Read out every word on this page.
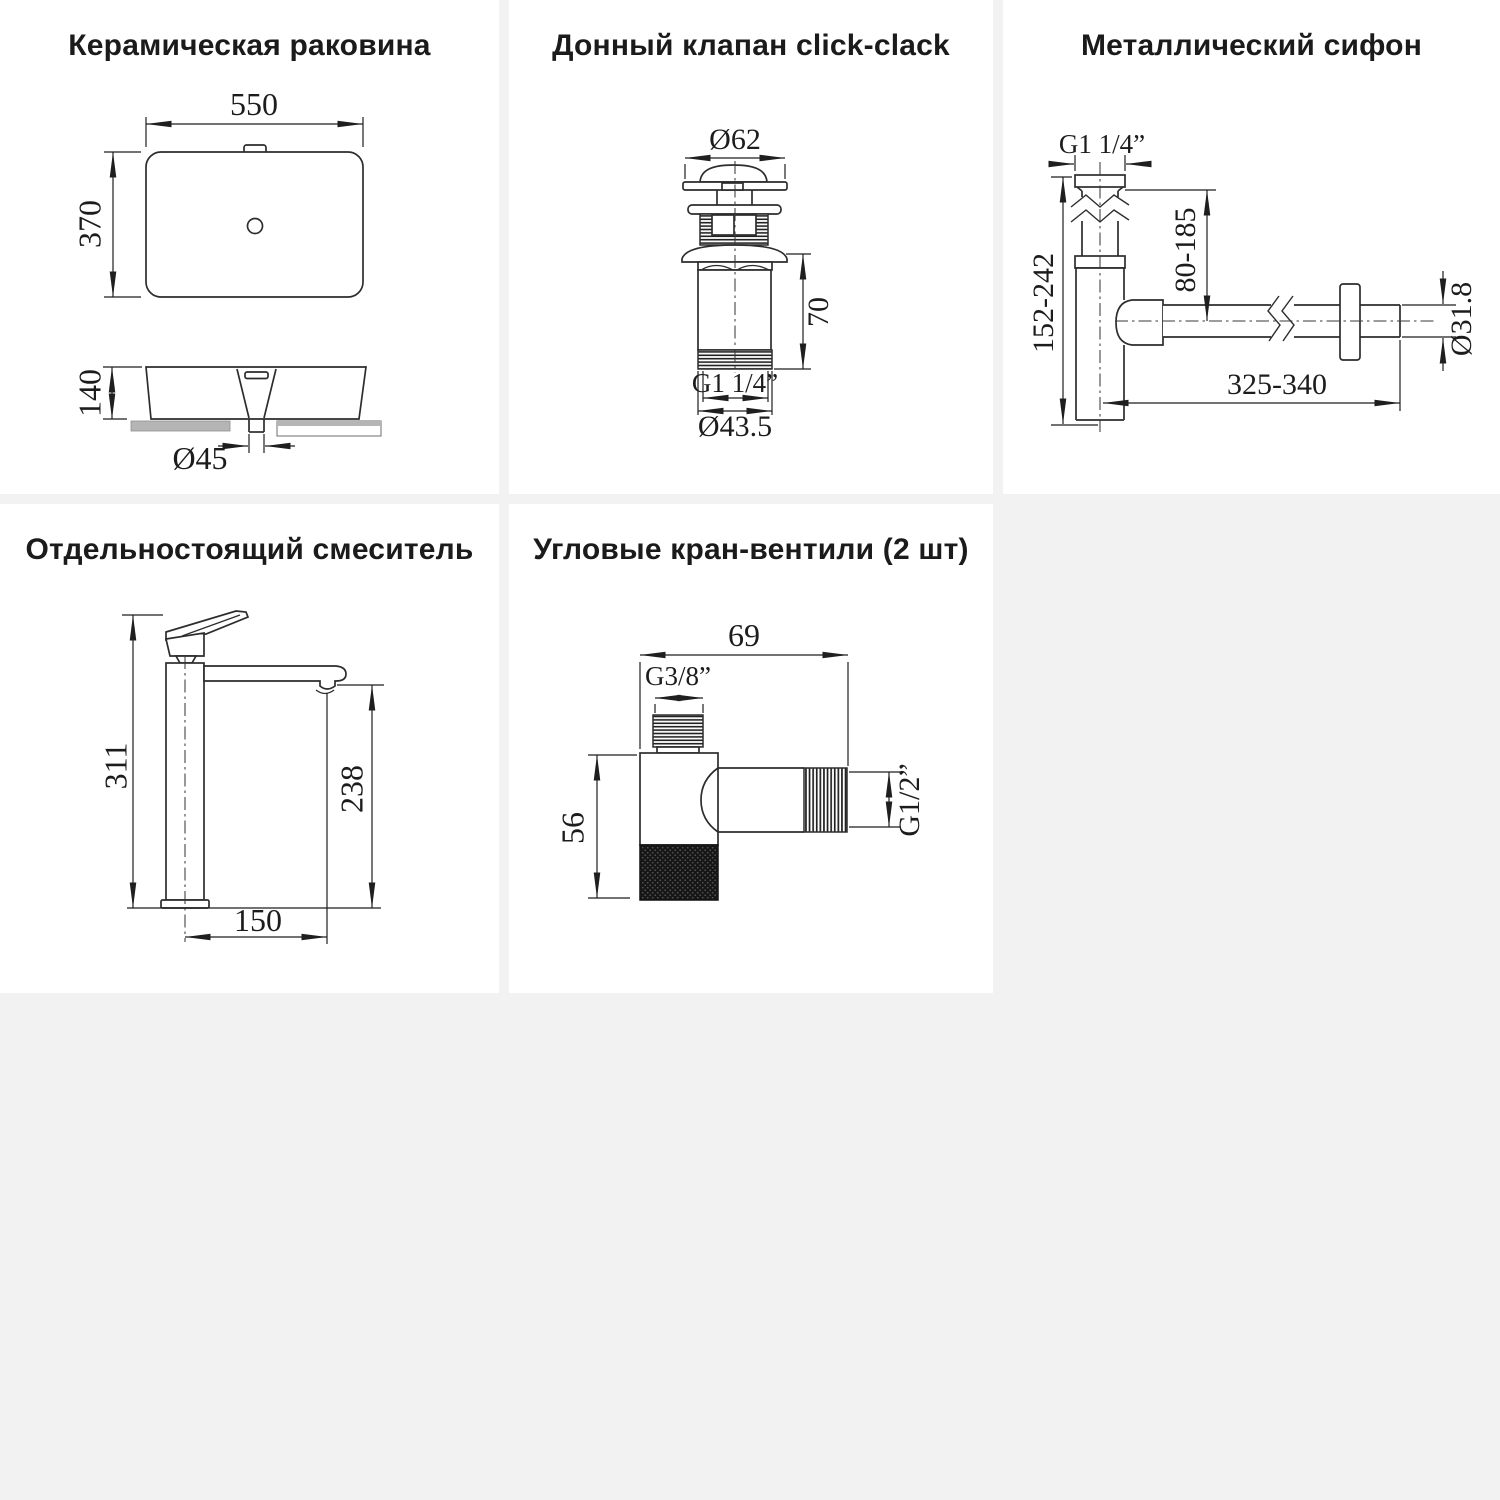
Керамическая раковина
550
370
140
Ø45
Донный клапан click-clack
Ø62
70
G1 1/4”
Ø43.5
Металлический сифон
G1 1/4”
152-242
80-185
Ø31.8
325-340
Отдельностоящий смеситель
311	238
150
Угловые кран-вентили (2 шт)
69
G3/8”
56	G1/2”
